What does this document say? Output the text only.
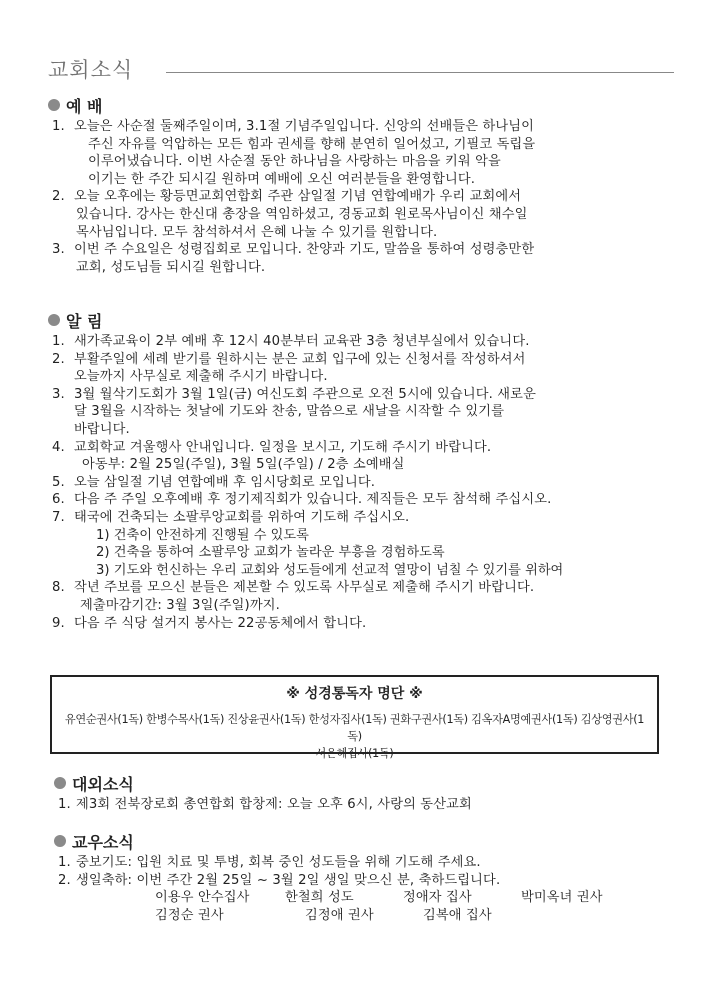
교회소식
예 배
1. 오늘은 사순절 둘째주일이며, 3.1절 기념주일입니다. 신앙의 선배들은 하나님이
주신 자유를 억압하는 모든 힘과 권세를 향해 분연히 일어섰고, 기필코 독립을
이루어냈습니다. 이번 사순절 동안 하나님을 사랑하는 마음을 키워 악을
이기는 한 주간 되시길 원하며 예배에 오신 여러분들을 환영합니다.
2. 오늘 오후에는 황등면교회연합회 주관 삼일절 기념 연합예배가 우리 교회에서
있습니다. 강사는 한신대 총장을 역임하셨고, 경동교회 원로목사님이신 채수일
목사님입니다. 모두 참석하셔서 은혜 나눌 수 있기를 원합니다.
3. 이번 주 수요일은 성령집회로 모입니다. 찬양과 기도, 말씀을 통하여 성령충만한
교회, 성도님들 되시길 원합니다.
알 림
1. 새가족교육이 2부 예배 후 12시 40분부터 교육관 3층 청년부실에서 있습니다.
2. 부활주일에 세례 받기를 원하시는 분은 교회 입구에 있는 신청서를 작성하셔서
오늘까지 사무실로 제출해 주시기 바랍니다.
3. 3월 월삭기도회가 3월 1일(금) 여신도회 주관으로 오전 5시에 있습니다. 새로운
달 3월을 시작하는 첫날에 기도와 찬송, 말씀으로 새날을 시작할 수 있기를
바랍니다.
4. 교회학교 겨울행사 안내입니다. 일정을 보시고, 기도해 주시기 바랍니다.
아동부: 2월 25일(주일), 3월 5일(주일) / 2층 소예배실
5. 오늘 삼일절 기념 연합예배 후 임시당회로 모입니다.
6. 다음 주 주일 오후예배 후 정기제직회가 있습니다. 제직들은 모두 참석해 주십시오.
7. 태국에 건축되는 소팔루앙교회를 위하여 기도해 주십시오.
1) 건축이 안전하게 진행될 수 있도록
2) 건축을 통하여 소팔루앙 교회가 놀라운 부흥을 경험하도록
3) 기도와 헌신하는 우리 교회와 성도들에게 선교적 열망이 넘칠 수 있기를 위하여
8. 작년 주보를 모으신 분들은 제본할 수 있도록 사무실로 제출해 주시기 바랍니다.
제출마감기간: 3월 3일(주일)까지.
9. 다음 주 식당 설거지 봉사는 22공동체에서 합니다.
※ 성경통독자 명단 ※
유연순권사(1독) 한병수목사(1독) 진상윤권사(1독) 한성자집사(1독) 권화구권사(1독) 김옥자A명예권사(1독) 김상영권사(1독)
서은혜집사(1독)
대외소식
1. 제3회 전북장로회 총연합회 합창제: 오늘 오후 6시, 사랑의 동산교회
교우소식
1. 중보기도: 입원 치료 및 투병, 회복 중인 성도들을 위해 기도해 주세요.
2. 생일축하: 이번 주간 2월 25일 ~ 3월 2일 생일 맞으신 분, 축하드립니다.
이용우 안수집사	한철희 성도	정애자 집사	박미옥녀 권사
김정순 권사	김정애 권사	김복애 집사
